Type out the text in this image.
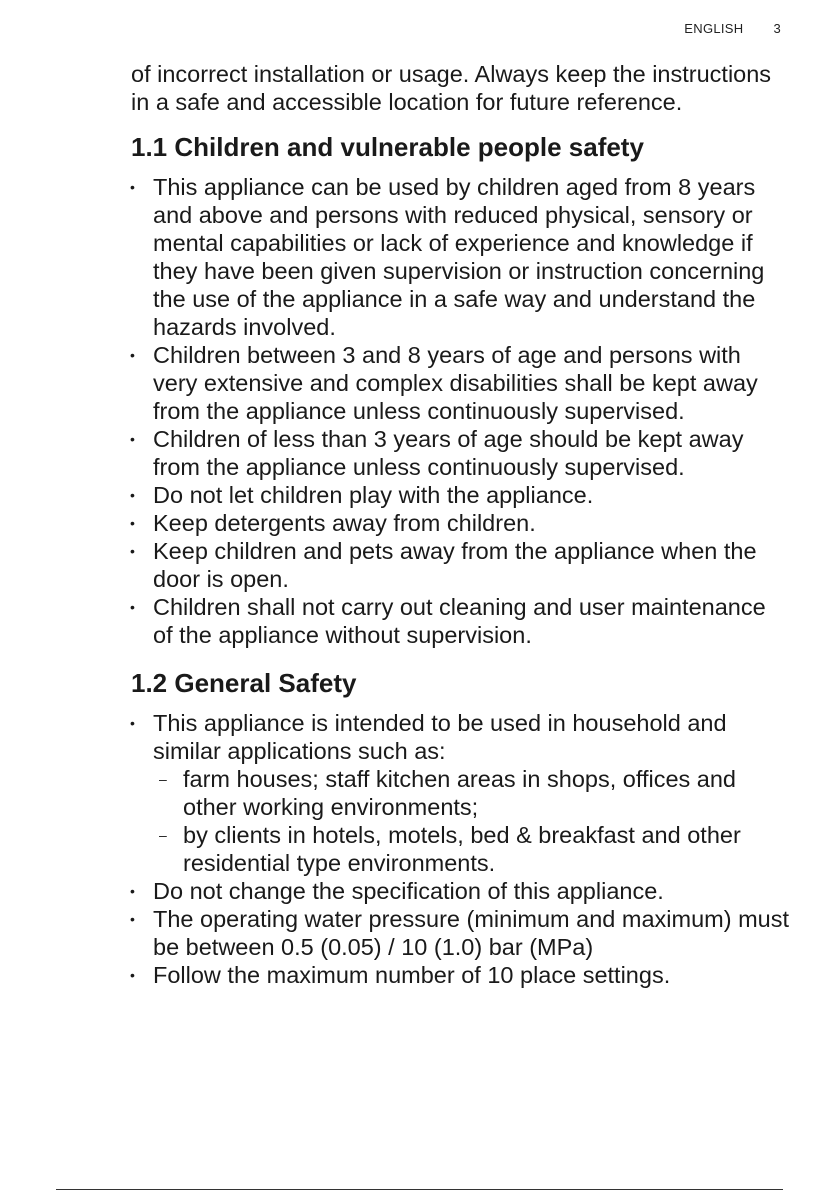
ENGLISH 3

of incorrect installation or usage. Always keep the instructions in a safe and accessible location for future reference.

1.1 Children and vulnerable people safety
• This appliance can be used by children aged from 8 years and above and persons with reduced physical, sensory or mental capabilities or lack of experience and knowledge if they have been given supervision or instruction concerning the use of the appliance in a safe way and understand the hazards involved.
• Children between 3 and 8 years of age and persons with very extensive and complex disabilities shall be kept away from the appliance unless continuously supervised.
• Children of less than 3 years of age should be kept away from the appliance unless continuously supervised.
• Do not let children play with the appliance.
• Keep detergents away from children.
• Keep children and pets away from the appliance when the door is open.
• Children shall not carry out cleaning and user maintenance of the appliance without supervision.
1.2 General Safety
• This appliance is intended to be used in household and similar applications such as:
– farm houses; staff kitchen areas in shops, offices and other working environments;
– by clients in hotels, motels, bed & breakfast and other residential type environments.
• Do not change the specification of this appliance.
• The operating water pressure (minimum and maximum) must be between 0.5 (0.05) / 10 (1.0) bar (MPa)
• Follow the maximum number of 10 place settings.
